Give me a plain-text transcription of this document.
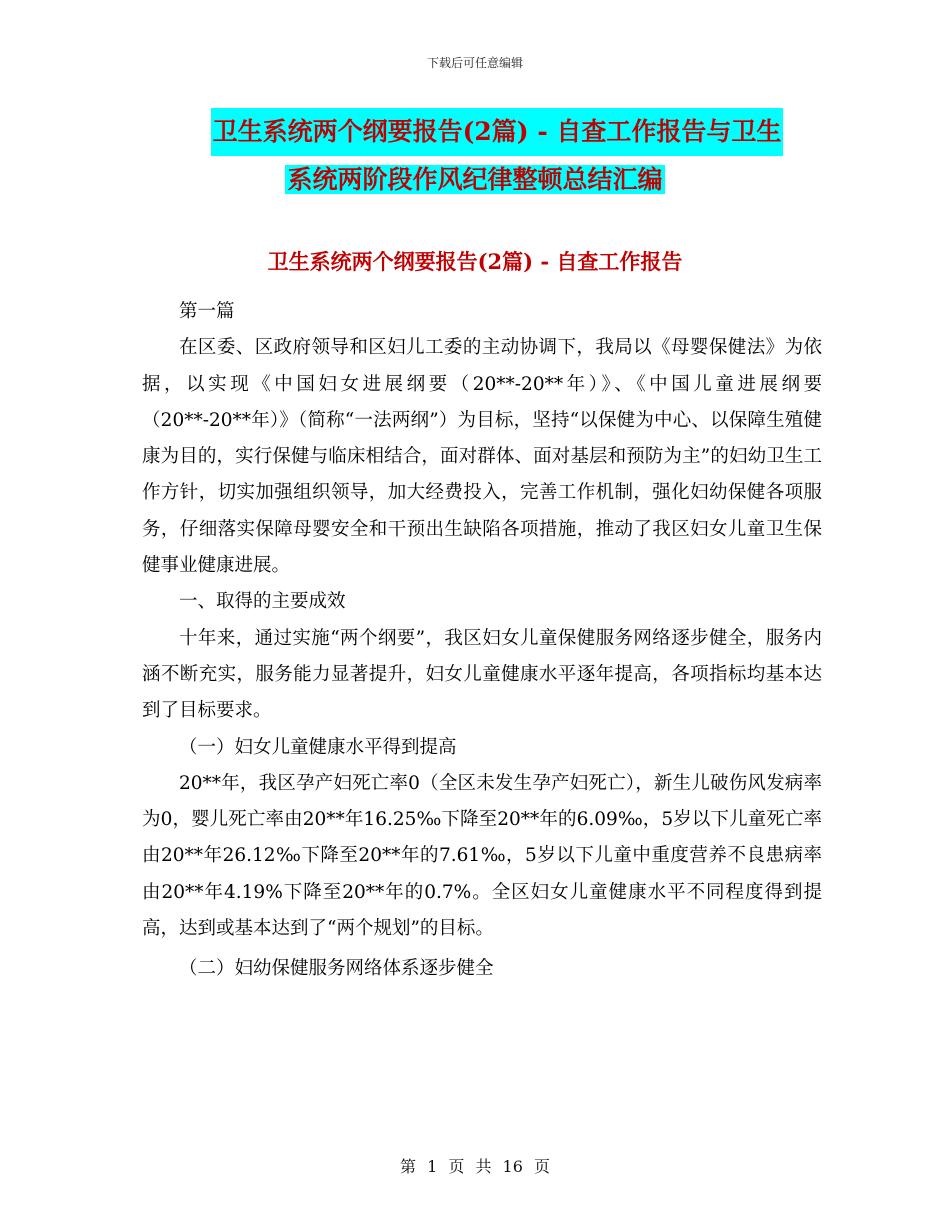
下载后可任意编辑
卫生系统两个纲要报告(2篇) - 自查工作报告与卫生
系统两阶段作风纪律整顿总结汇编
卫生系统两个纲要报告(2篇) - 自查工作报告

第一篇

在区委、区政府领导和区妇儿工委的主动协调下，我局以《母婴保健法》为依据，以实现《中国妇女进展纲要（20**-20**年）》、《中国儿童进展纲要（20**-20**年）》（简称“一法两纲”）为目标，坚持“以保健为中心、以保障生殖健康为目的，实行保健与临床相结合，面对群体、面对基层和预防为主”的妇幼卫生工作方针，切实加强组织领导，加大经费投入，完善工作机制，强化妇幼保健各项服务，仔细落实保障母婴安全和干预出生缺陷各项措施，推动了我区妇女儿童卫生保健事业健康进展。

一、取得的主要成效

十年来，通过实施“两个纲要”，我区妇女儿童保健服务网络逐步健全，服务内涵不断充实，服务能力显著提升，妇女儿童健康水平逐年提高，各项指标均基本达到了目标要求。

（一）妇女儿童健康水平得到提高

20**年，我区孕产妇死亡率0（全区未发生孕产妇死亡），新生儿破伤风发病率为0，婴儿死亡率由20**年16.25‰下降至20**年的6.09‰，5岁以下儿童死亡率由20**年26.12‰下降至20**年的7.61‰，5岁以下儿童中重度营养不良患病率由20**年4.19%下降至20**年的0.7%。全区妇女儿童健康水平不同程度得到提高，达到或基本达到了“两个规划”的目标。

（二）妇幼保健服务网络体系逐步健全

第 1 页 共 16 页
